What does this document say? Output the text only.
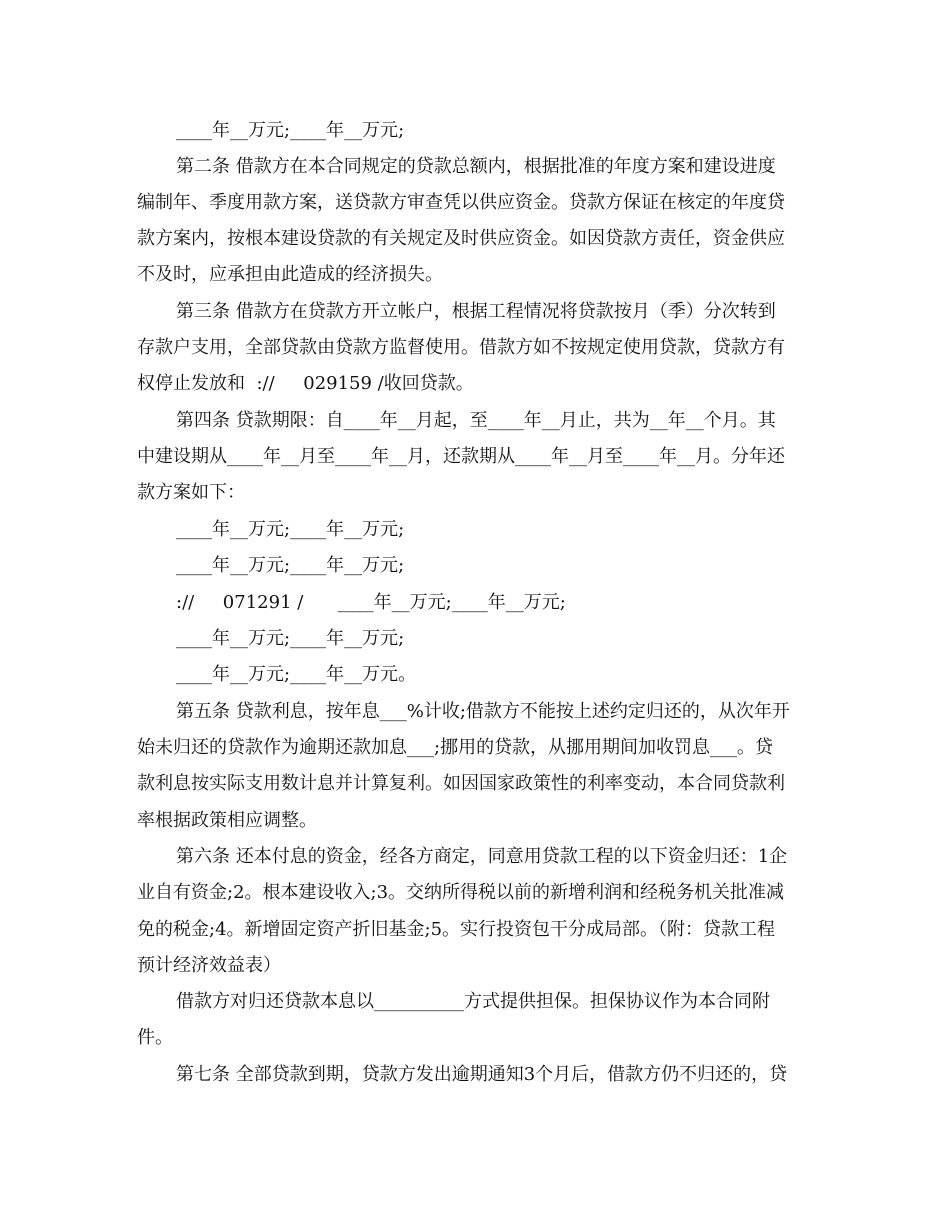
____年__万元;____年__万元;
第二条 借款方在本合同规定的贷款总额内，根据批准的年度方案和建设进度
编制年、季度用款方案，送贷款方审查凭以供应资金。贷款方保证在核定的年度贷
款方案内，按根本建设贷款的有关规定及时供应资金。如因贷款方责任，资金供应
不及时，应承担由此造成的经济损失。
第三条 借款方在贷款方开立帐户，根据工程情况将贷款按月（季）分次转到
存款户支用，全部贷款由贷款方监督使用。借款方如不按规定使用贷款，贷款方有
权停止发放和  ://     029159 /收回贷款。
第四条 贷款期限：自____年__月起，至____年__月止，共为__年__个月。其
中建设期从____年__月至____年__月，还款期从____年__月至____年__月。分年还
款方案如下：
____年__万元;____年__万元;
____年__万元;____年__万元;
://     071291 /      ____年__万元;____年__万元;
____年__万元;____年__万元;
____年__万元;____年__万元。
第五条 贷款利息，按年息___%计收;借款方不能按上述约定归还的，从次年开
始未归还的贷款作为逾期还款加息___;挪用的贷款，从挪用期间加收罚息___。贷
款利息按实际支用数计息并计算复利。如因国家政策性的利率变动，本合同贷款利
率根据政策相应调整。
第六条 还本付息的资金，经各方商定，同意用贷款工程的以下资金归还：1企
业自有资金;2。根本建设收入;3。交纳所得税以前的新增利润和经税务机关批准减
免的税金;4。新增固定资产折旧基金;5。实行投资包干分成局部。（附：贷款工程
预计经济效益表）
借款方对归还贷款本息以__________方式提供担保。担保协议作为本合同附
件。
第七条 全部贷款到期，贷款方发出逾期通知3个月后，借款方仍不归还的，贷
